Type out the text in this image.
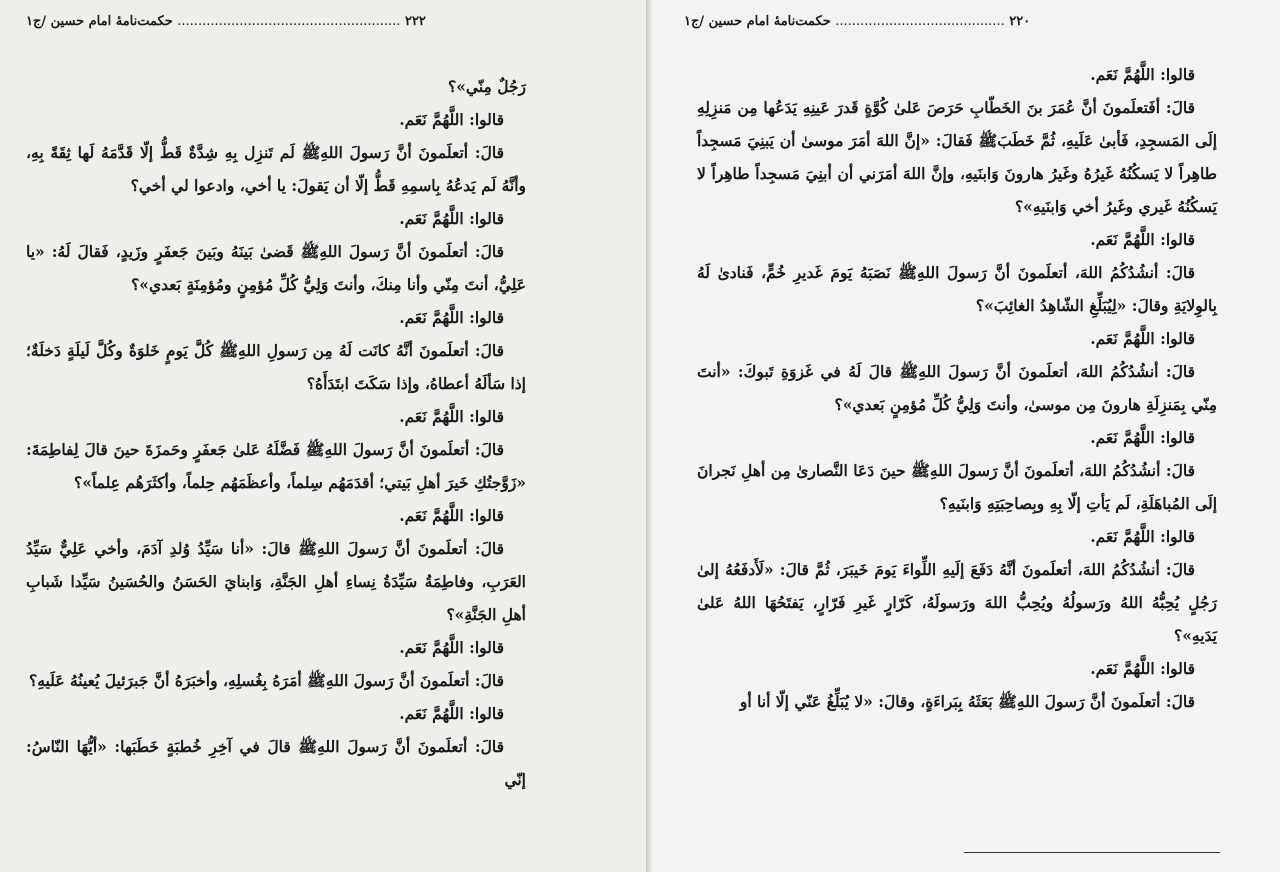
٢٢٢ ...................................................... حکمت‌نامهٔ امام حسین /ج۱

رَجُلٌ مِنّي»؟

قالوا: اللَّهُمَّ نَعَم.

قالَ: أتعلَمونَ أنَّ رَسولَ اللهِﷺ لَم تَنزِل بِهِ شِدَّةٌ قَطُّ إلّا قَدَّمَهُ لَها ثِقَةً بِهِ، وأنَّهُ لَم يَدعُهُ بِاسمِهِ قَطُّ إلّا أن يَقولَ: يا أخي، وادعوا لي أخي؟

قالوا: اللَّهُمَّ نَعَم.

قالَ: أتعلَمونَ أنَّ رَسولَ اللهِﷺ قَضىٰ بَينَهُ وبَينَ جَعفَرٍ وزَيدٍ، فَقالَ لَهُ: «يا عَلِيُّ، أنتَ مِنّي وأنا مِنكَ، وأنتَ وَلِيُّ كُلِّ مُؤمِنٍ ومُؤمِنَةٍ بَعدي»؟

قالوا: اللَّهُمَّ نَعَم.

قالَ: أتعلَمونَ أنَّهُ كانَت لَهُ مِن رَسولِ اللهِﷺ كُلَّ يَومٍ خَلوَةٌ وكُلَّ لَيلَةٍ دَخلَةٌ؛ إذا سَألَهُ أعطاهُ، وإذا سَكَتَ ابتَدَأَهُ؟

قالوا: اللَّهُمَّ نَعَم.

قالَ: أتعلَمونَ أنَّ رَسولَ اللهِﷺ فَضَّلَهُ عَلىٰ جَعفَرٍ وحَمزَةَ حينَ قالَ لِفاطِمَةَ: «زَوَّجتُكِ خَيرَ أهلِ بَيتي؛ أقدَمَهُم سِلماً، وأعظَمَهُم حِلماً، وأكثَرَهُم عِلماً»؟

قالوا: اللَّهُمَّ نَعَم.

قالَ: أتعلَمونَ أنَّ رَسولَ اللهِﷺ قالَ: «أنا سَيِّدُ وُلدِ آدَمَ، وأخي عَلِيٌّ سَيِّدُ العَرَبِ، وفاطِمَةُ سَيِّدَةُ نِساءِ أهلِ الجَنَّةِ، وَابنايَ الحَسَنُ والحُسَينُ سَيِّدا شَبابِ أهلِ الجَنَّةِ»؟

قالوا: اللَّهُمَّ نَعَم.

قالَ: أتعلَمونَ أنَّ رَسولَ اللهِﷺ أمَرَهُ بِغُسلِهِ، وأخبَرَهُ أنَّ جَبرَئيلَ يُعينُهُ عَلَيهِ؟

قالوا: اللَّهُمَّ نَعَم.

قالَ: أتعلَمونَ أنَّ رَسولَ اللهِﷺ قالَ في آخِرِ خُطبَةٍ خَطَبَها: «أيُّهَا النّاسُ: إنّي

٢٢٠ ......................................... حکمت‌نامهٔ امام حسین /ج۱

قالوا: اللَّهُمَّ نَعَم.

قالَ: أفَتعلَمونَ أنَّ عُمَرَ بنَ الخَطّابِ حَرَصَ عَلىٰ كُوَّةٍ قَدرَ عَينِهِ يَدَعُها مِن مَنزِلِهِ إلَى المَسجِدِ، فَأبىٰ عَلَيهِ، ثُمَّ خَطَبَﷺ فَقالَ: «إنَّ اللهَ أمَرَ موسىٰ أن يَبنِيَ مَسجِداً طاهِراً لا يَسكُنُهُ غَيرُهُ وغَيرُ هارونَ وَابنَيهِ، وإنَّ اللهَ أمَرَني أن أبنِيَ مَسجِداً طاهِراً لا يَسكُنُهُ غَيري وغَيرُ أخي وَابنَيهِ»؟

قالوا: اللَّهُمَّ نَعَم.

قالَ: أنشُدُكُمُ اللهَ، أتعلَمونَ أنَّ رَسولَ اللهِﷺ نَصَبَهُ يَومَ غَديرِ خُمٍّ، فَنادىٰ لَهُ بِالوِلايَةِ وقالَ: «لِيُبَلِّغِ الشّاهِدُ الغائِبَ»؟

قالوا: اللَّهُمَّ نَعَم.

قالَ: أنشُدُكُمُ اللهَ، أتعلَمونَ أنَّ رَسولَ اللهِﷺ قالَ لَهُ في غَزوَةِ تَبوكَ: «أنتَ مِنّي بِمَنزِلَةِ هارونَ مِن موسىٰ، وأنتَ وَلِيُّ كُلِّ مُؤمِنٍ بَعدي»؟

قالوا: اللَّهُمَّ نَعَم.

قالَ: أنشُدُكُمُ اللهَ، أتعلَمونَ أنَّ رَسولَ اللهِﷺ حينَ دَعَا النَّصارىٰ مِن أهلِ نَجرانَ إلَى المُباهَلَةِ، لَم يَأتِ إلّا بِهِ وبِصاحِبَتِهِ وَابنَيهِ؟

قالوا: اللَّهُمَّ نَعَم.

قالَ: أنشُدُكُمُ اللهَ، أتعلَمونَ أنَّهُ دَفَعَ إلَيهِ اللِّواءَ يَومَ خَيبَرَ، ثُمَّ قالَ: «لَأَدفَعُهُ إلىٰ رَجُلٍ يُحِبُّهُ اللهُ ورَسولُهُ ويُحِبُّ اللهَ ورَسولَهُ، كَرّارٍ غَيرِ فَرّارٍ، يَفتَحُهَا اللهُ عَلىٰ يَدَيهِ»؟

قالوا: اللَّهُمَّ نَعَم.

قالَ: أتعلَمونَ أنَّ رَسولَ اللهِﷺ بَعَثَهُ بِبَراءَةٍ، وقالَ: «لا يُبَلِّغُ عَنّي إلّا أنا أو
